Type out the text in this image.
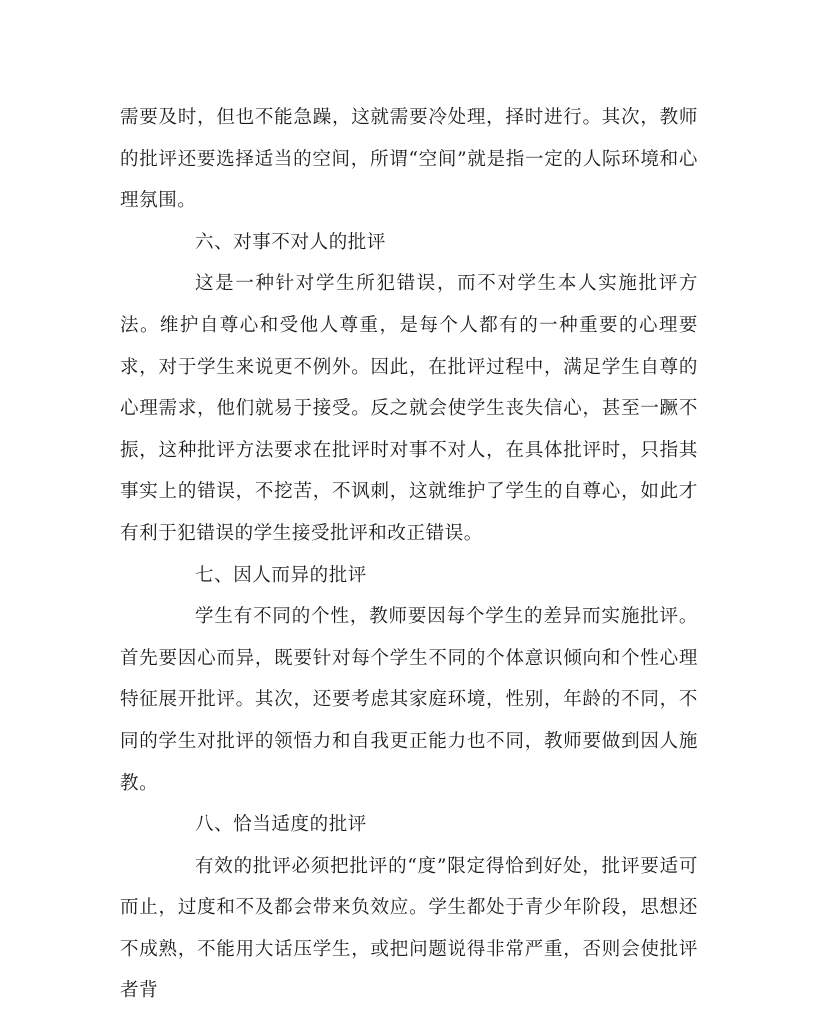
需要及时，但也不能急躁，这就需要冷处理，择时进行。其次，教师的批评还要选择适当的空间，所谓“空间”就是指一定的人际环境和心理氛围。

六、对事不对人的批评

这是一种针对学生所犯错误，而不对学生本人实施批评方法。维护自尊心和受他人尊重，是每个人都有的一种重要的心理要求，对于学生来说更不例外。因此，在批评过程中，满足学生自尊的心理需求，他们就易于接受。反之就会使学生丧失信心，甚至一蹶不振，这种批评方法要求在批评时对事不对人，在具体批评时，只指其事实上的错误，不挖苦，不讽刺，这就维护了学生的自尊心，如此才有利于犯错误的学生接受批评和改正错误。

七、因人而异的批评

学生有不同的个性，教师要因每个学生的差异而实施批评。首先要因心而异，既要针对每个学生不同的个体意识倾向和个性心理特征展开批评。其次，还要考虑其家庭环境，性别，年龄的不同，不同的学生对批评的领悟力和自我更正能力也不同，教师要做到因人施教。

八、恰当适度的批评

有效的批评必须把批评的“度”限定得恰到好处，批评要适可而止，过度和不及都会带来负效应。学生都处于青少年阶段，思想还不成熟，不能用大话压学生，或把问题说得非常严重，否则会使批评者背
